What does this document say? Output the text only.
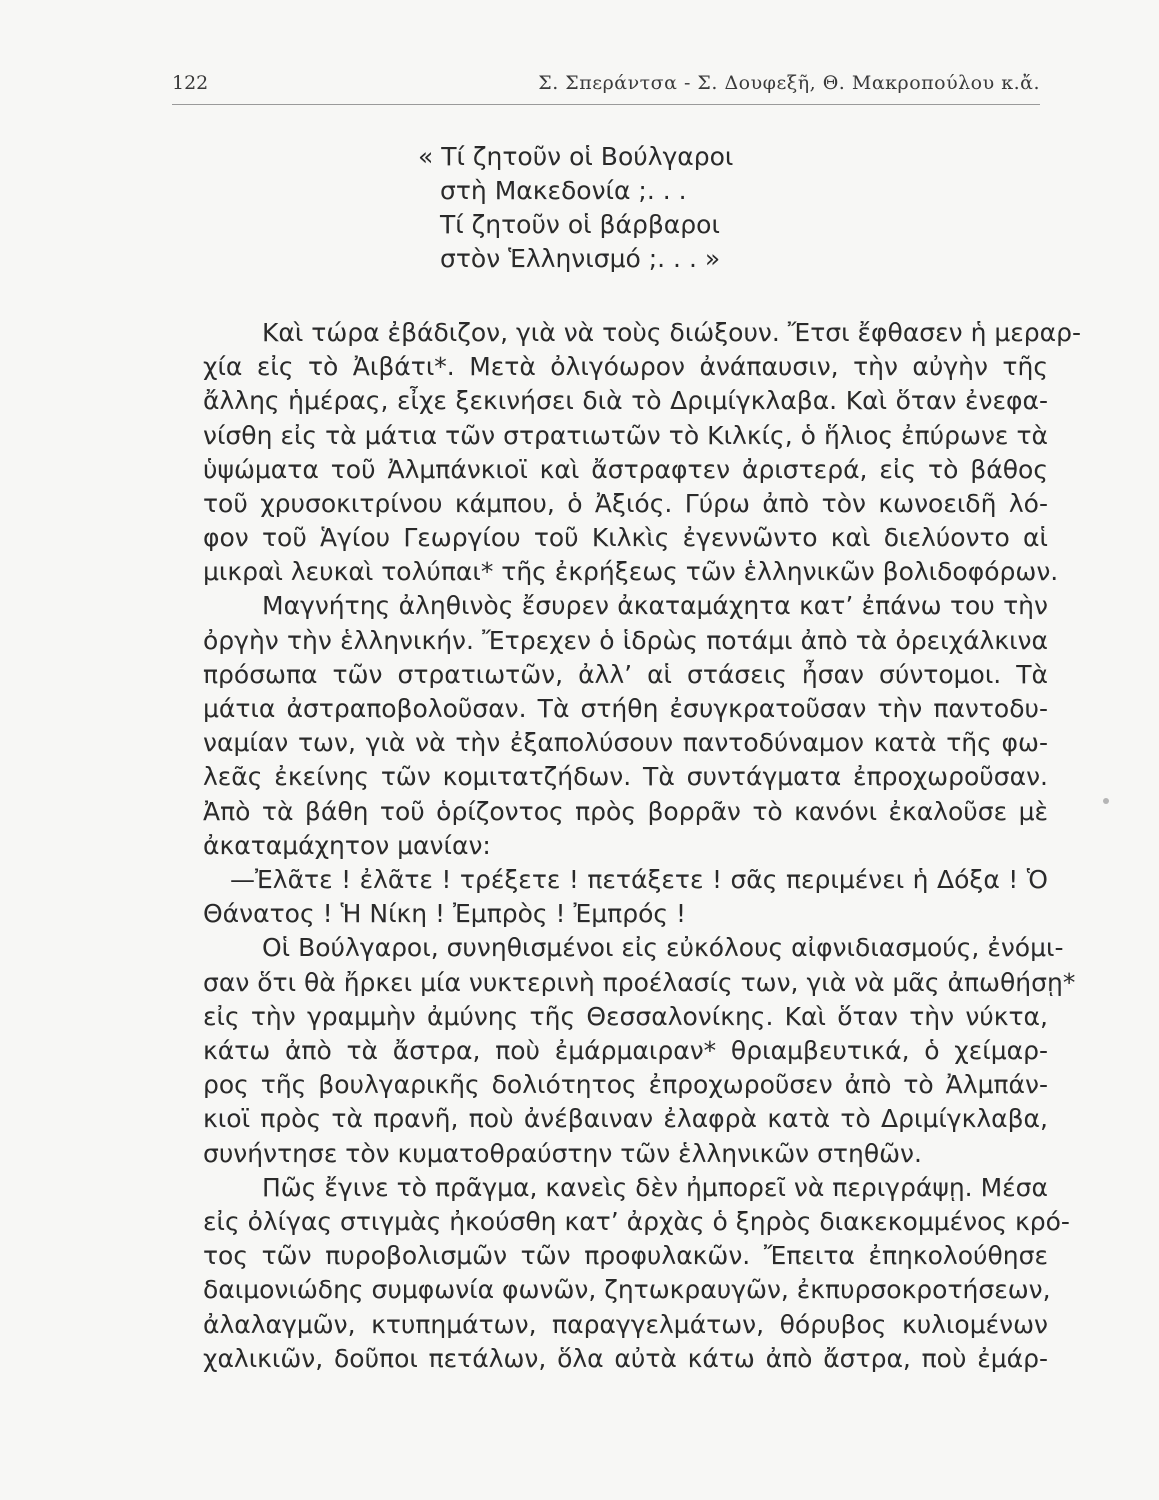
122	Σ. Σπεράντσα - Σ. Δουφεξῆ, Θ. Μακροπούλου κ.ἄ.
« Τί ζητοῦν οἱ Βούλγαροι
στὴ Μακεδονία ;. . .
Τί ζητοῦν οἱ βάρβαροι
στὸν Ἑλληνισμό ;. . . »
Καὶ τώρα ἐβάδιζον, γιὰ νὰ τοὺς διώξουν. Ἔτσι ἔφθασεν ἡ μεραρ-
χία εἰς τὸ Ἀιβάτι*. Μετὰ ὀλιγόωρον ἀνάπαυσιν, τὴν αὐγὴν τῆς
ἄλλης ἡμέρας, εἶχε ξεκινήσει διὰ τὸ Δριμίγκλαβα. Καὶ ὅταν ἐνεφα-
νίσθη εἰς τὰ μάτια τῶν στρατιωτῶν τὸ Κιλκίς, ὁ ἥλιος ἐπύρωνε τὰ
ὑψώματα τοῦ Ἀλμπάνκιοϊ καὶ ἄστραφτεν ἀριστερά, εἰς τὸ βάθος
τοῦ χρυσοκιτρίνου κάμπου, ὁ Ἀξιός. Γύρω ἀπὸ τὸν κωνοειδῆ λό-
φον τοῦ Ἁγίου Γεωργίου τοῦ Κιλκὶς ἐγεννῶντο καὶ διελύοντο αἱ
μικραὶ λευκαὶ τολύπαι* τῆς ἐκρήξεως τῶν ἑλληνικῶν βολιδοφόρων.
Μαγνήτης ἀληθινὸς ἔσυρεν ἀκαταμάχητα κατ’ ἐπάνω του τὴν
ὀργὴν τὴν ἑλληνικήν. Ἔτρεχεν ὁ ἱδρὼς ποτάμι ἀπὸ τὰ ὀρειχάλκινα
πρόσωπα τῶν στρατιωτῶν, ἀλλ’ αἱ στάσεις ἦσαν σύντομοι. Τὰ
μάτια ἀστραποβολοῦσαν. Τὰ στήθη ἐσυγκρατοῦσαν τὴν παντοδυ-
ναμίαν των, γιὰ νὰ τὴν ἐξαπολύσουν παντοδύναμον κατὰ τῆς φω-
λεᾶς ἐκείνης τῶν κομιτατζήδων. Τὰ συντάγματα ἐπροχωροῦσαν.
Ἀπὸ τὰ βάθη τοῦ ὁρίζοντος πρὸς βορρᾶν τὸ κανόνι ἐκαλοῦσε μὲ
ἀκαταμάχητον μανίαν:
—Ἐλᾶτε ! ἐλᾶτε ! τρέξετε ! πετάξετε ! σᾶς περιμένει ἡ Δόξα ! Ὁ
Θάνατος ! Ἡ Νίκη ! Ἐμπρὸς ! Ἐμπρός !
Οἱ Βούλγαροι, συνηθισμένοι εἰς εὐκόλους αἰφνιδιασμούς, ἐνόμι-
σαν ὅτι θὰ ἤρκει μία νυκτερινὴ προέλασίς των, γιὰ νὰ μᾶς ἀπωθήσῃ*
εἰς τὴν γραμμὴν ἀμύνης τῆς Θεσσαλονίκης. Καὶ ὅταν τὴν νύκτα,
κάτω ἀπὸ τὰ ἄστρα, ποὺ ἐμάρμαιραν* θριαμβευτικά, ὁ χείμαρ-
ρος τῆς βουλγαρικῆς δολιότητος ἐπροχωροῦσεν ἀπὸ τὸ Ἀλμπάν-
κιοϊ πρὸς τὰ πρανῆ, ποὺ ἀνέβαιναν ἐλαφρὰ κατὰ τὸ Δριμίγκλαβα,
συνήντησε τὸν κυματοθραύστην τῶν ἑλληνικῶν στηθῶν.
Πῶς ἔγινε τὸ πρᾶγμα, κανεὶς δὲν ἠμπορεῖ νὰ περιγράψῃ. Μέσα
εἰς ὀλίγας στιγμὰς ἠκούσθη κατ’ ἀρχὰς ὁ ξηρὸς διακεκομμένος κρό-
τος τῶν πυροβολισμῶν τῶν προφυλακῶν. Ἔπειτα ἐπηκολούθησε
δαιμονιώδης συμφωνία φωνῶν, ζητωκραυγῶν, ἐκπυρσοκροτήσεων,
ἀλαλαγμῶν, κτυπημάτων, παραγγελμάτων, θόρυβος κυλιομένων
χαλικιῶν, δοῦποι πετάλων, ὅλα αὐτὰ κάτω ἀπὸ ἄστρα, ποὺ ἐμάρ-
